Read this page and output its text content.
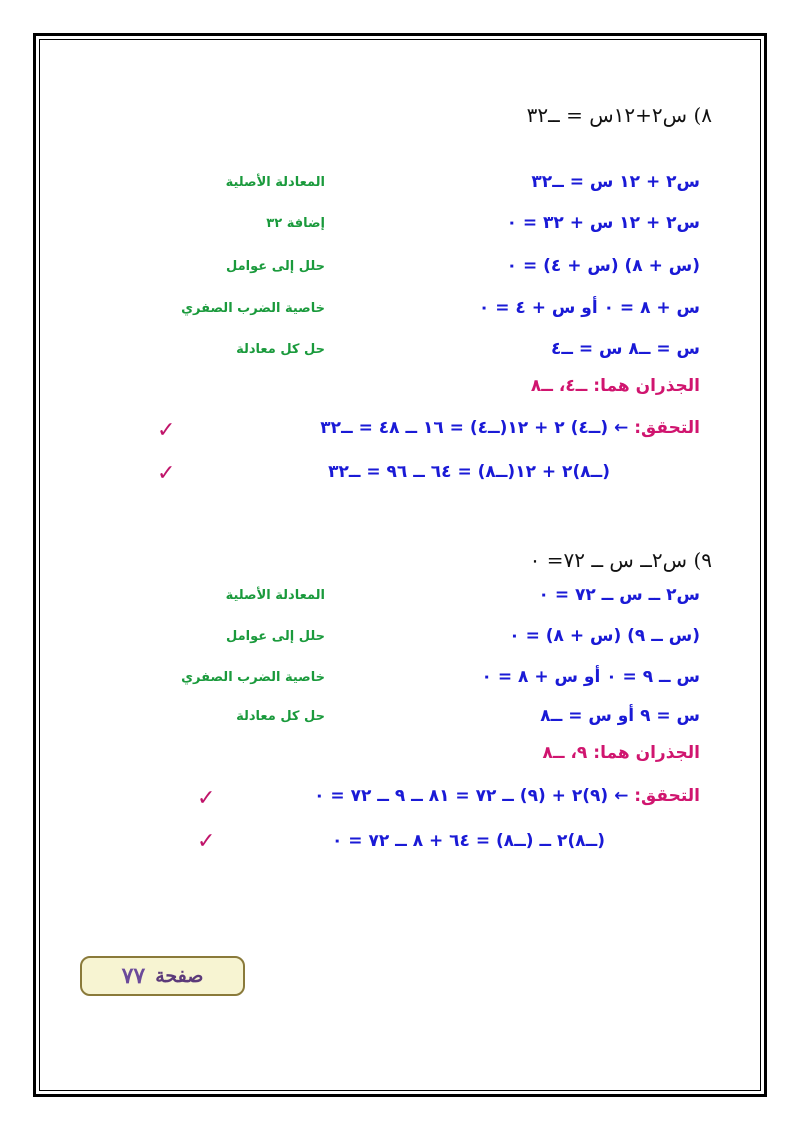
٨) س٢+١٢س = ــ٣٢
س٢ + ١٢ س = ــ٣٢
المعادلة الأصلية
س٢ + ١٢ س + ٣٢ = ٠
إضافة ٣٢
(س + ٨) (س + ٤) = ٠
حلل إلى عوامل
س + ٨ = ٠ أو س + ٤ = ٠
خاصية الضرب الصفري
س = ــ٨ س = ــ٤
حل كل معادلة
الجذران هما:ــ٤، ــ٨
التحقق: ← (ــ٤) ٢ + ١٢(ــ٤) = ١٦ ــ ٤٨ = ــ٣٢
✓
(ــ٨)٢ + ١٢(ــ٨) = ٦٤ ــ ٩٦ = ــ٣٢
✓
٩) س٢ــ س ــ ٧٢= ٠
س٢ ــ س ــ ٧٢ = ٠
المعادلة الأصلية
(س ــ ٩) (س + ٨) = ٠
حلل إلى عوامل
س ــ ٩ = ٠ أو س + ٨ = ٠
خاصية الضرب الصفري
س = ٩ أو س = ــ٨
حل كل معادلة
الجذران هما:٩، ــ٨
التحقق: ← (٩)٢ + (٩) ــ ٧٢ = ٨١ ــ ٩ ــ ٧٢ = ٠
✓
(ــ٨)٢ ــ (ــ٨) = ٦٤ + ٨ ــ ٧٢ = ٠
✓
صفحة
٧٧
